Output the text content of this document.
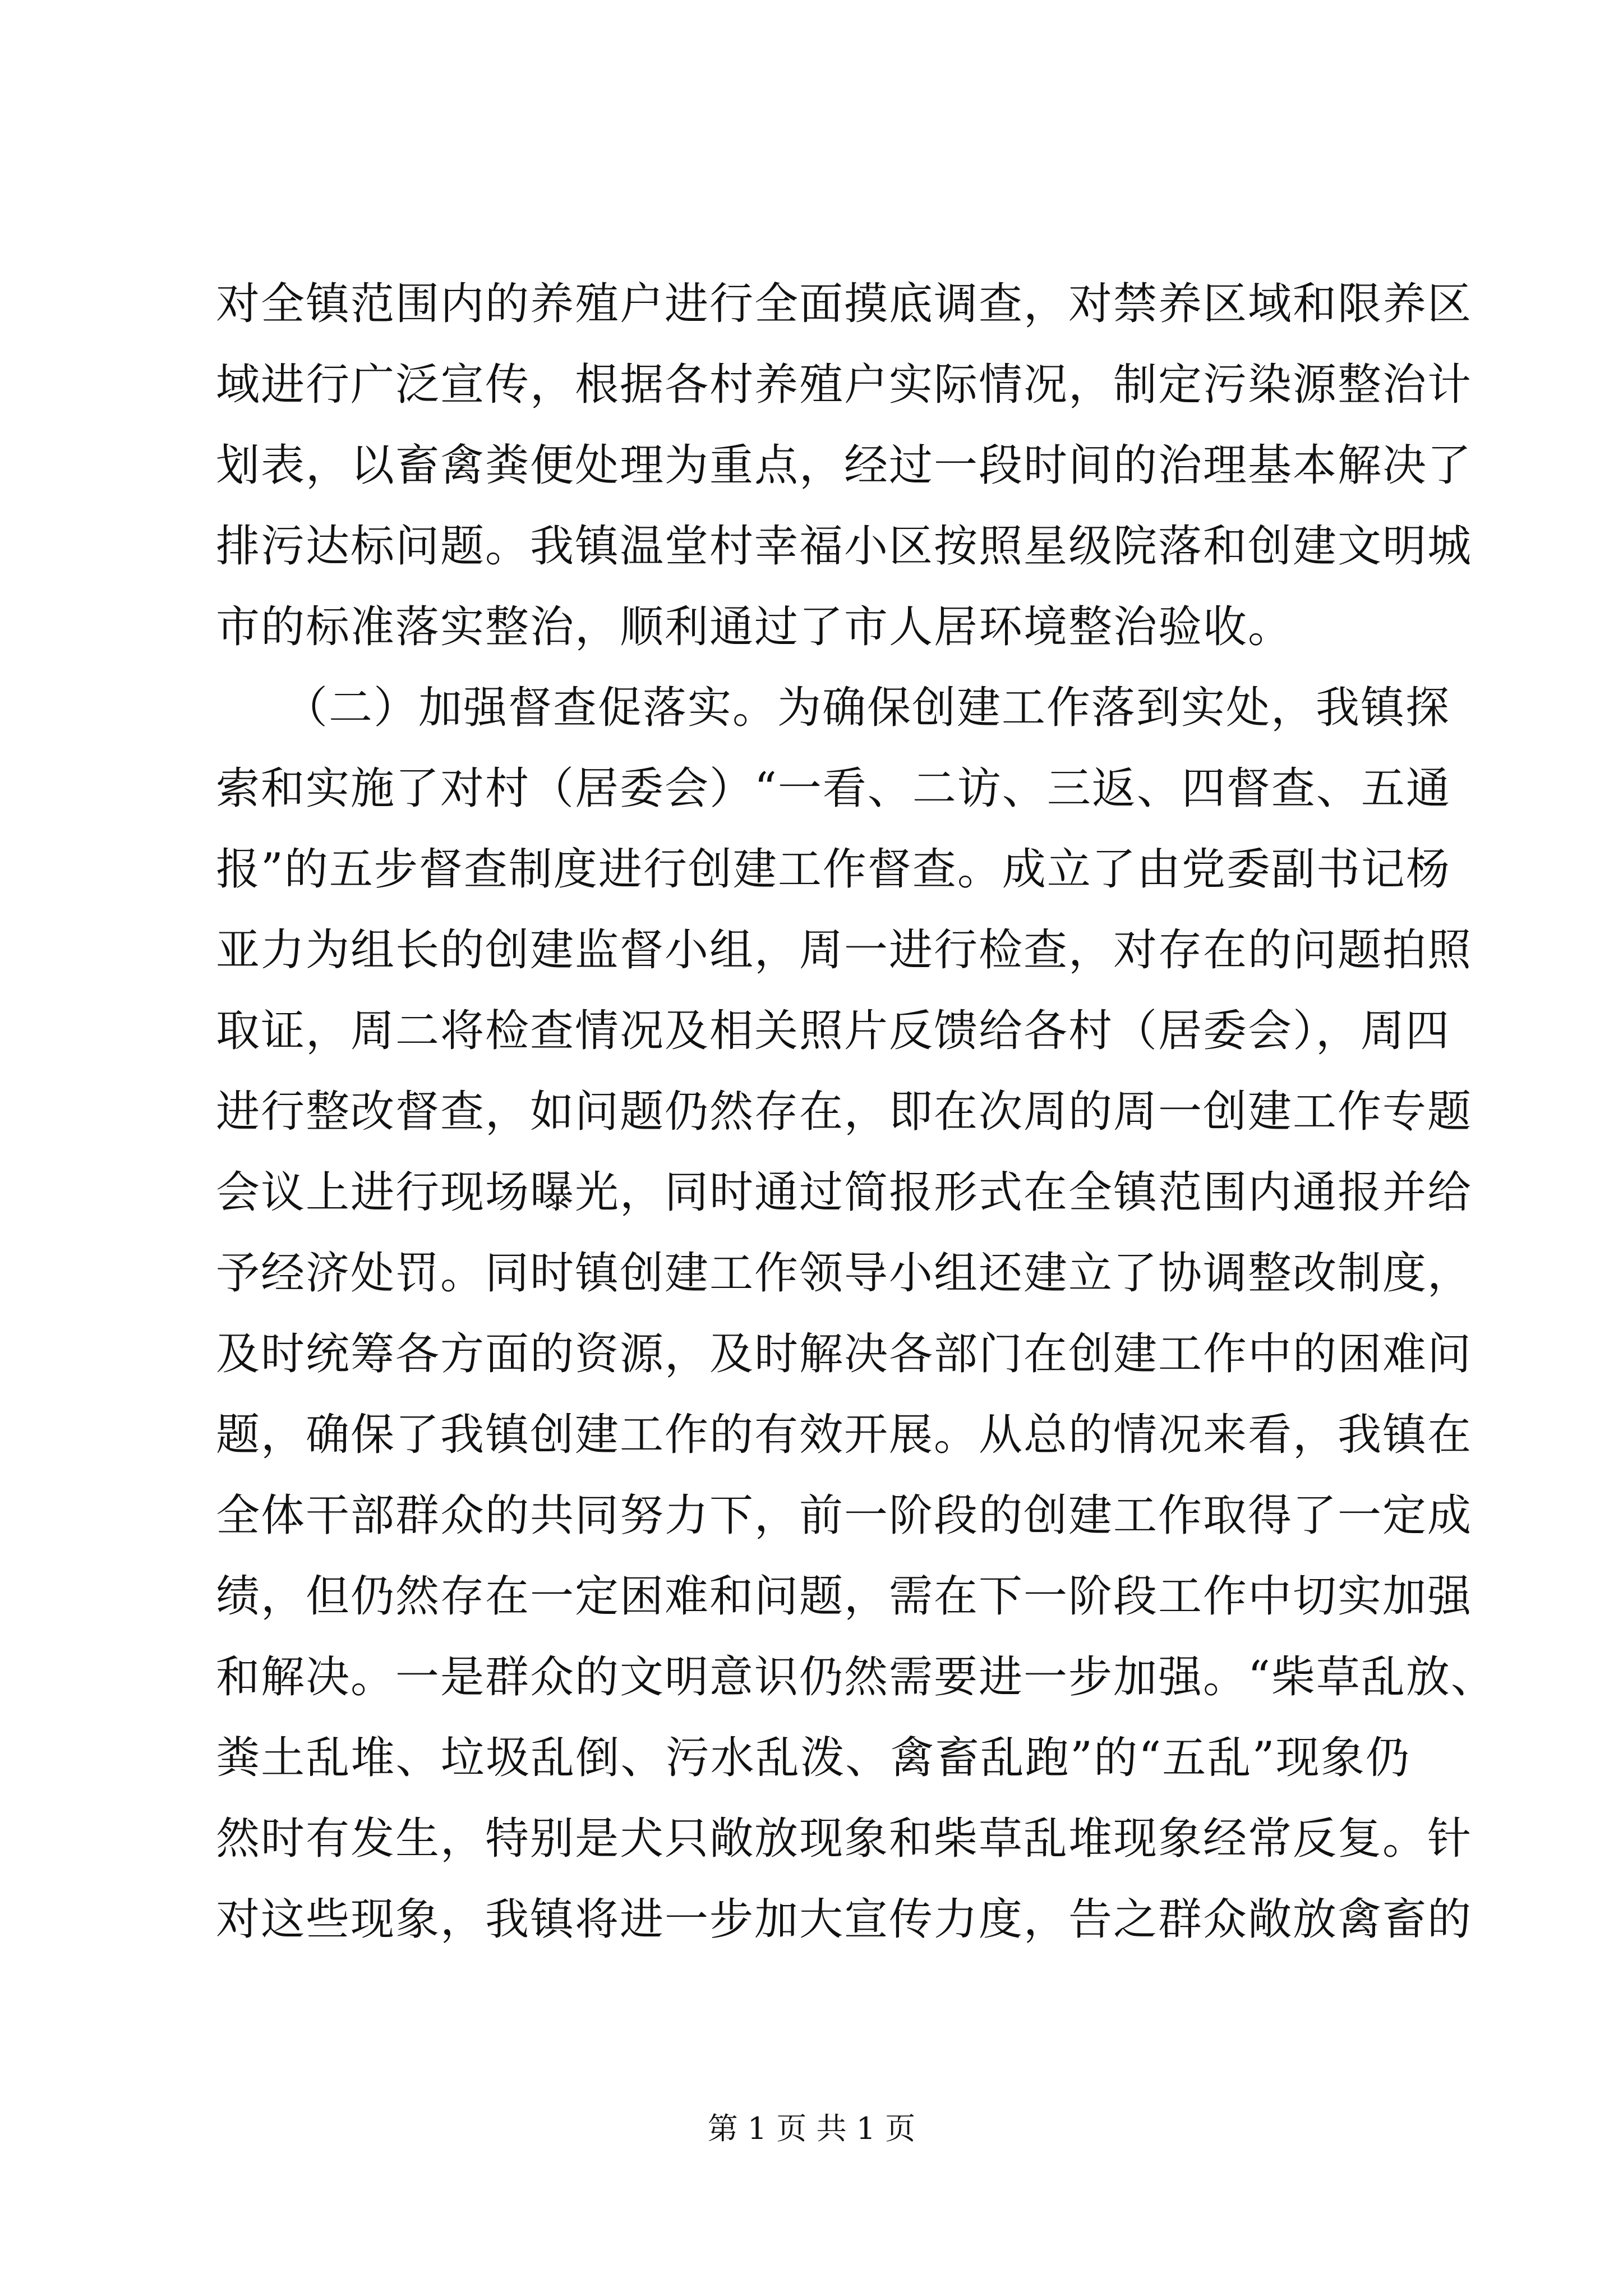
对全镇范围内的养殖户进行全面摸底调查，对禁养区域和限养区
域进行广泛宣传，根据各村养殖户实际情况，制定污染源整治计
划表，以畜禽粪便处理为重点，经过一段时间的治理基本解决了
排污达标问题。我镇温堂村幸福小区按照星级院落和创建文明城
市的标准落实整治，顺利通过了市人居环境整治验收。
　　（二）加强督查促落实。为确保创建工作落到实处，我镇探
索和实施了对村（居委会）“一看、二访、三返、四督查、五通
报”的五步督查制度进行创建工作督查。成立了由党委副书记杨
亚力为组长的创建监督小组，周一进行检查，对存在的问题拍照
取证，周二将检查情况及相关照片反馈给各村（居委会），周四
进行整改督查，如问题仍然存在，即在次周的周一创建工作专题
会议上进行现场曝光，同时通过简报形式在全镇范围内通报并给
予经济处罚。同时镇创建工作领导小组还建立了协调整改制度，
及时统筹各方面的资源，及时解决各部门在创建工作中的困难问
题，确保了我镇创建工作的有效开展。从总的情况来看，我镇在
全体干部群众的共同努力下，前一阶段的创建工作取得了一定成
绩，但仍然存在一定困难和问题，需在下一阶段工作中切实加强
和解决。一是群众的文明意识仍然需要进一步加强。“柴草乱放、
粪土乱堆、垃圾乱倒、污水乱泼、禽畜乱跑”的“五乱”现象仍
然时有发生，特别是犬只敞放现象和柴草乱堆现象经常反复。针
对这些现象，我镇将进一步加大宣传力度，告之群众敞放禽畜的
第 1 页 共 1 页
